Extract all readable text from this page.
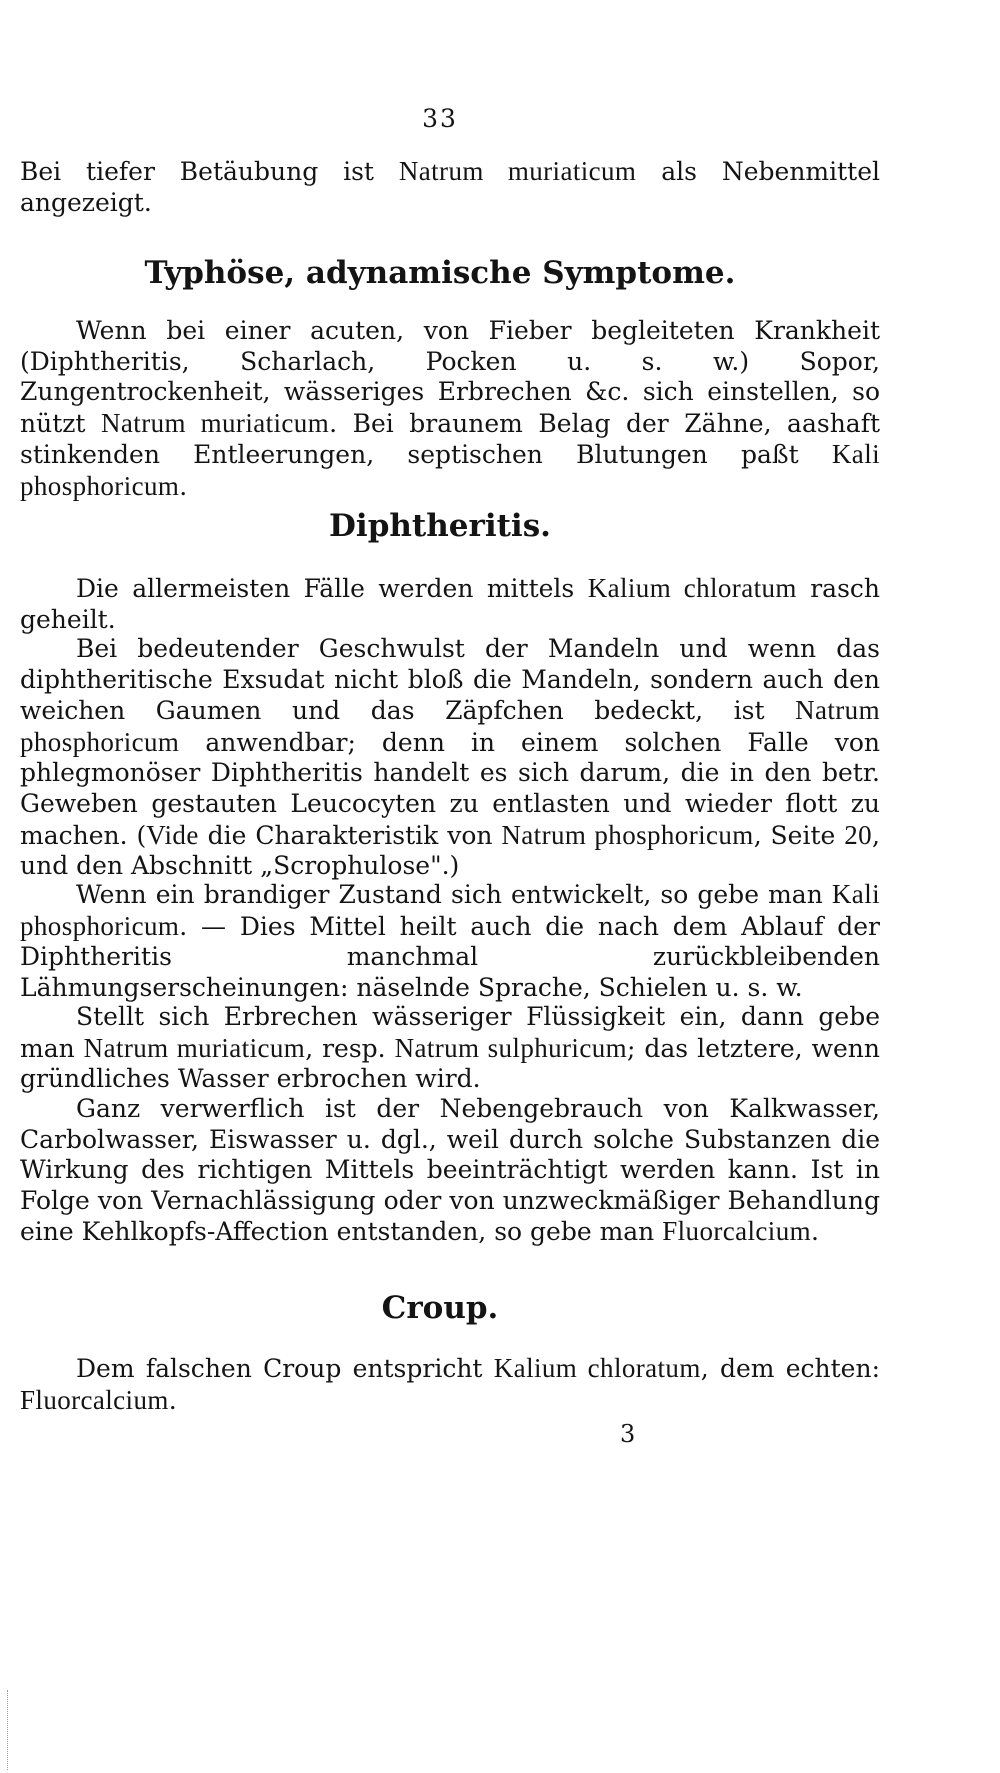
33

Bei tiefer Betäubung ist Natrum muriaticum als Nebenmittel angezeigt.

Typhöse, adynamische Symptome.

Wenn bei einer acuten, von Fieber begleiteten Krankheit (Diphtheritis, Scharlach, Pocken u. s. w.) Sopor, Zungentrockenheit, wässeriges Erbrechen &c. sich einstellen, so nützt Natrum muriaticum. Bei braunem Belag der Zähne, aashaft stinkenden Entleerungen, septischen Blutungen paßt Kali phosphoricum.

Diphtheritis.

Die allermeisten Fälle werden mittels Kalium chloratum rasch geheilt.

Bei bedeutender Geschwulst der Mandeln und wenn das diphtheritische Exsudat nicht bloß die Mandeln, sondern auch den weichen Gaumen und das Zäpfchen bedeckt, ist Natrum phosphoricum anwendbar; denn in einem solchen Falle von phlegmonöser Diphtheritis handelt es sich darum, die in den betr. Geweben gestauten Leucocyten zu entlasten und wieder flott zu machen. (Vide die Charakteristik von Natrum phosphoricum, Seite 20, und den Abschnitt „Scrophulose".)

Wenn ein brandiger Zustand sich entwickelt, so gebe man Kali phosphoricum. — Dies Mittel heilt auch die nach dem Ablauf der Diphtheritis manchmal zurückbleibenden Lähmungserscheinungen: näselnde Sprache, Schielen u. s. w.

Stellt sich Erbrechen wässeriger Flüssigkeit ein, dann gebe man Natrum muriaticum, resp. Natrum sulphuricum; das letztere, wenn gründliches Wasser erbrochen wird.

Ganz verwerflich ist der Nebengebrauch von Kalkwasser, Carbolwasser, Eiswasser u. dgl., weil durch solche Substanzen die Wirkung des richtigen Mittels beeinträchtigt werden kann. Ist in Folge von Vernachlässigung oder von unzweckmäßiger Behandlung eine Kehlkopfs-Affection entstanden, so gebe man Fluorcalcium.

Croup.

Dem falschen Croup entspricht Kalium chloratum, dem echten: Fluorcalcium.

3
